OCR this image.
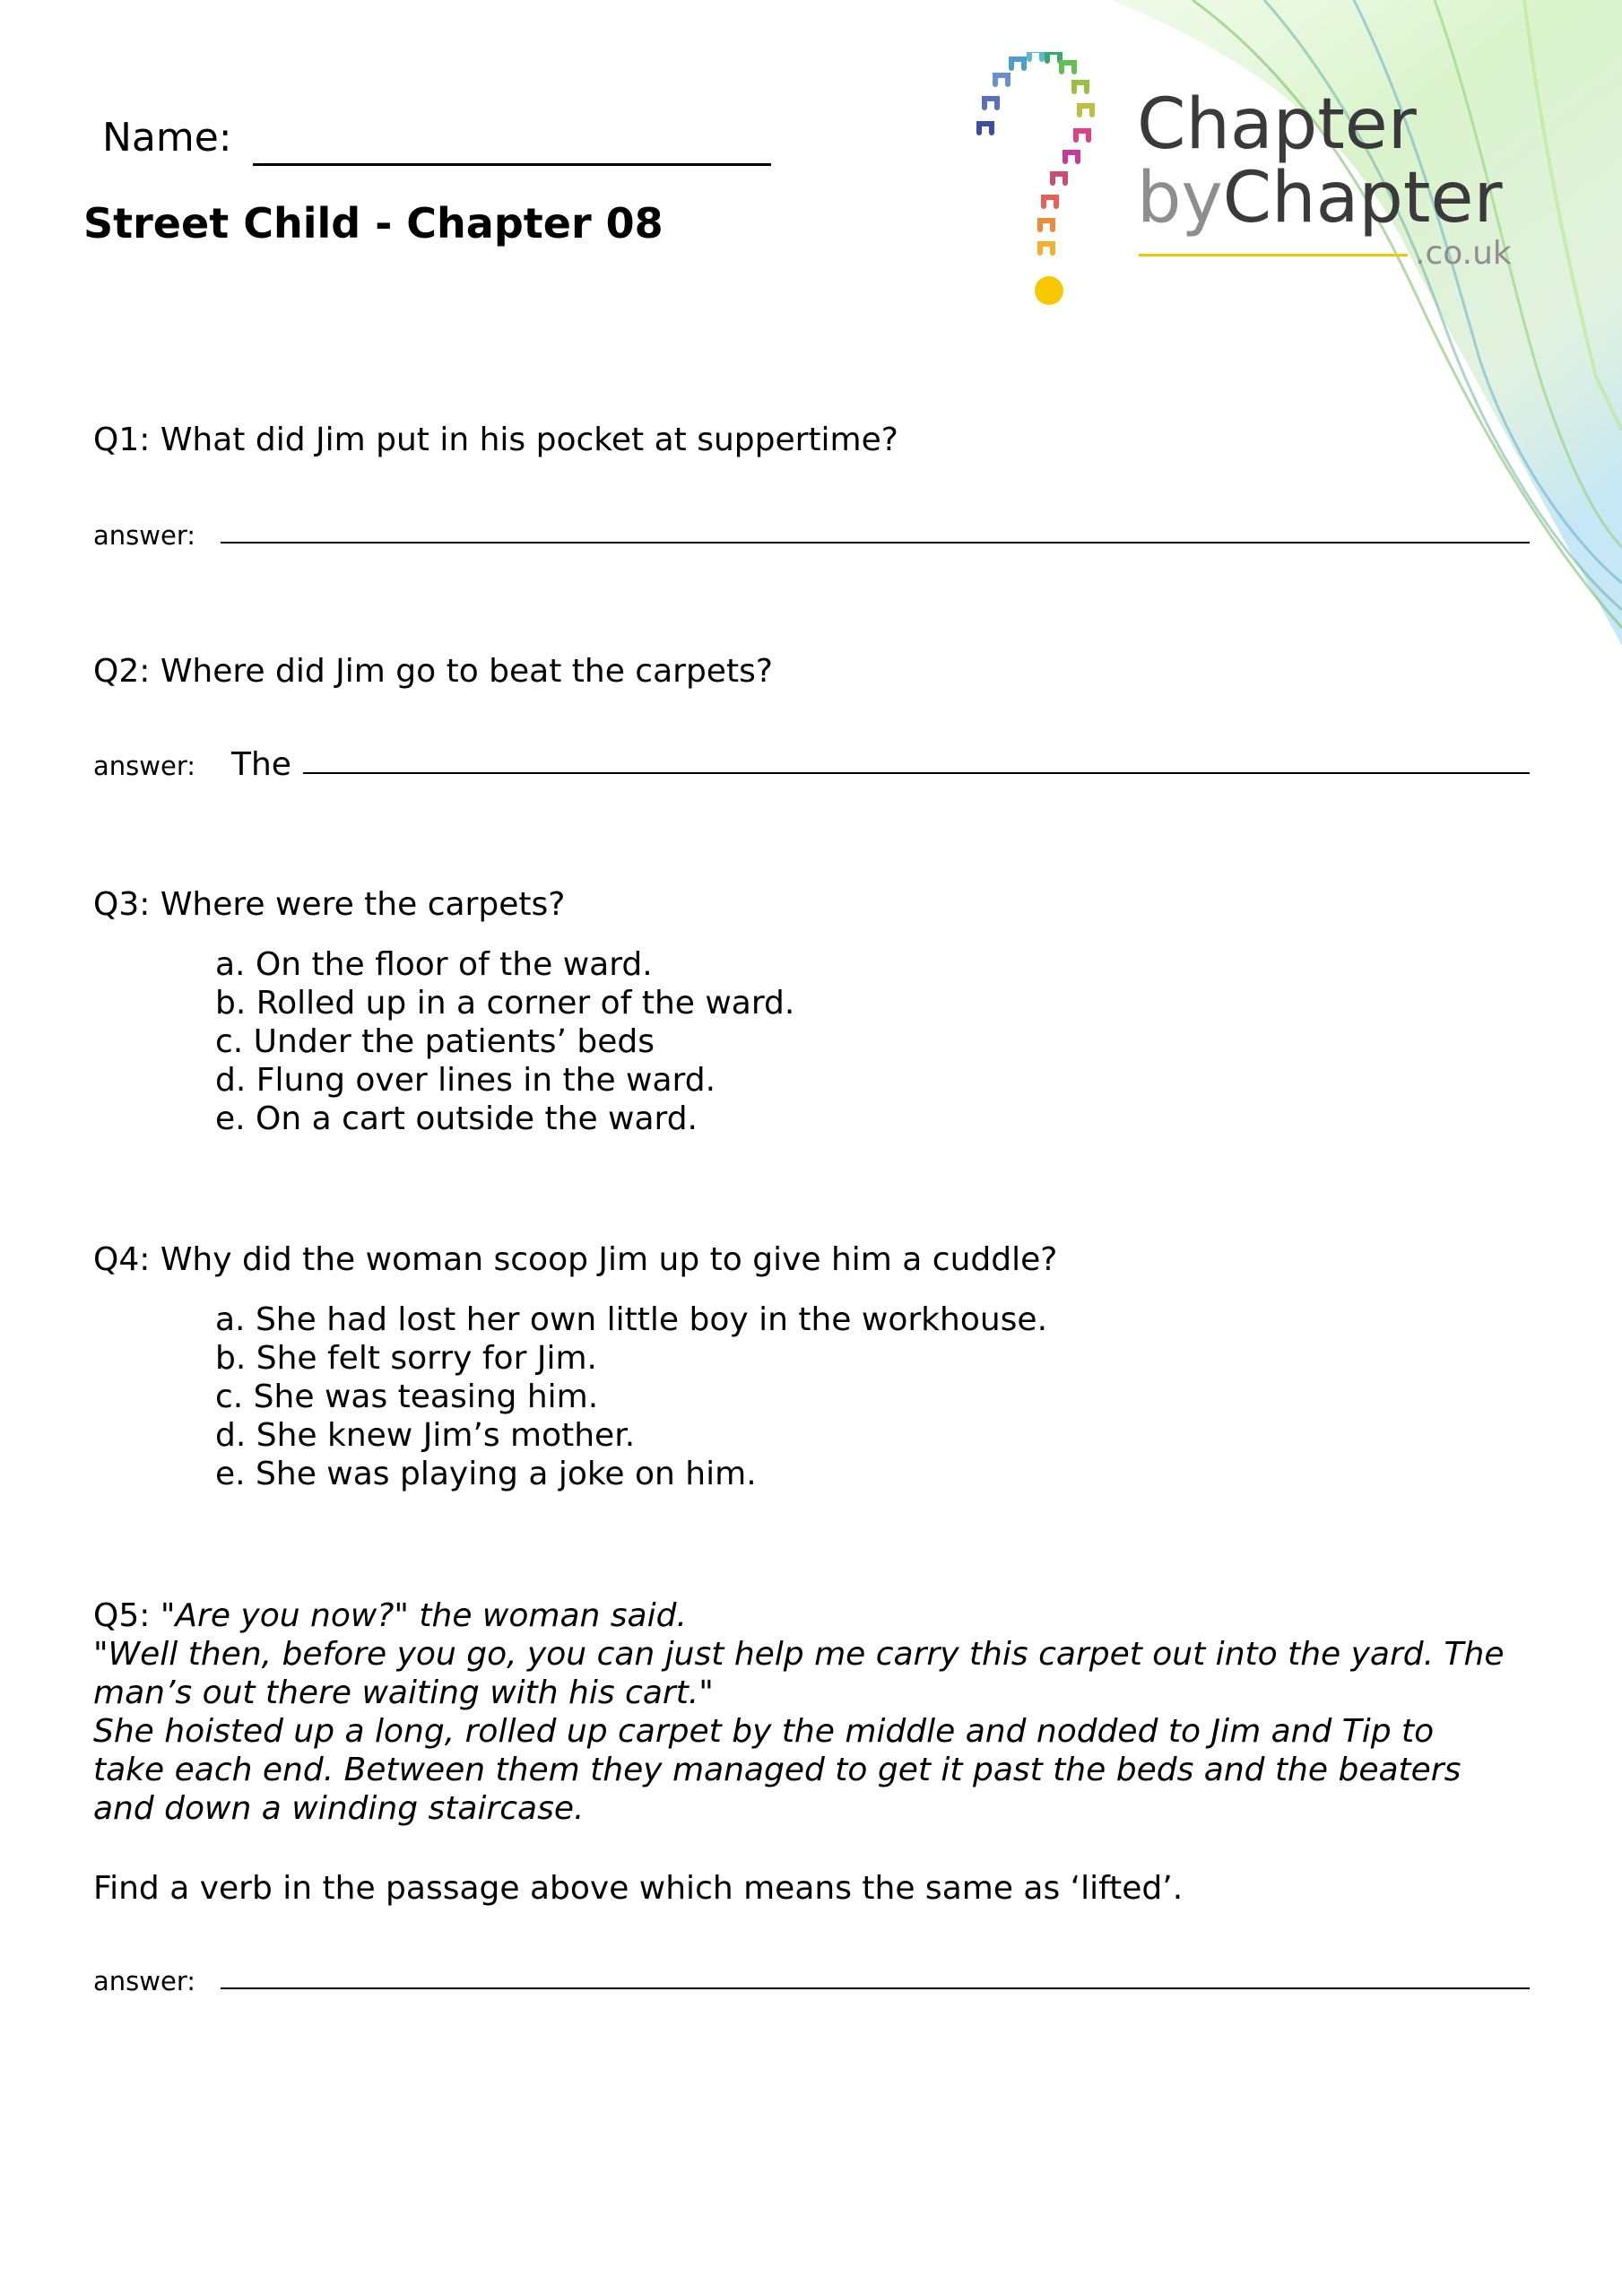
Name:
Street Child - Chapter 08
Chapter
byChapter
.co.uk
Q1: What did Jim put in his pocket at suppertime?
answer:
Q2: Where did Jim go to beat the carpets?
answer: The
Q3: Where were the carpets?
a. On the floor of the ward.
b. Rolled up in a corner of the ward.
c. Under the patients’ beds
d. Flung over lines in the ward.
e. On a cart outside the ward.
Q4: Why did the woman scoop Jim up to give him a cuddle?
a. She had lost her own little boy in the workhouse.
b. She felt sorry for Jim.
c. She was teasing him.
d. She knew Jim’s mother.
e. She was playing a joke on him.
Q5: "Are you now?" the woman said.
"Well then, before you go, you can just help me carry this carpet out into the yard. The
man’s out there waiting with his cart."
She hoisted up a long, rolled up carpet by the middle and nodded to Jim and Tip to
take each end. Between them they managed to get it past the beds and the beaters
and down a winding staircase.
Find a verb in the passage above which means the same as ‘lifted’.
answer:
